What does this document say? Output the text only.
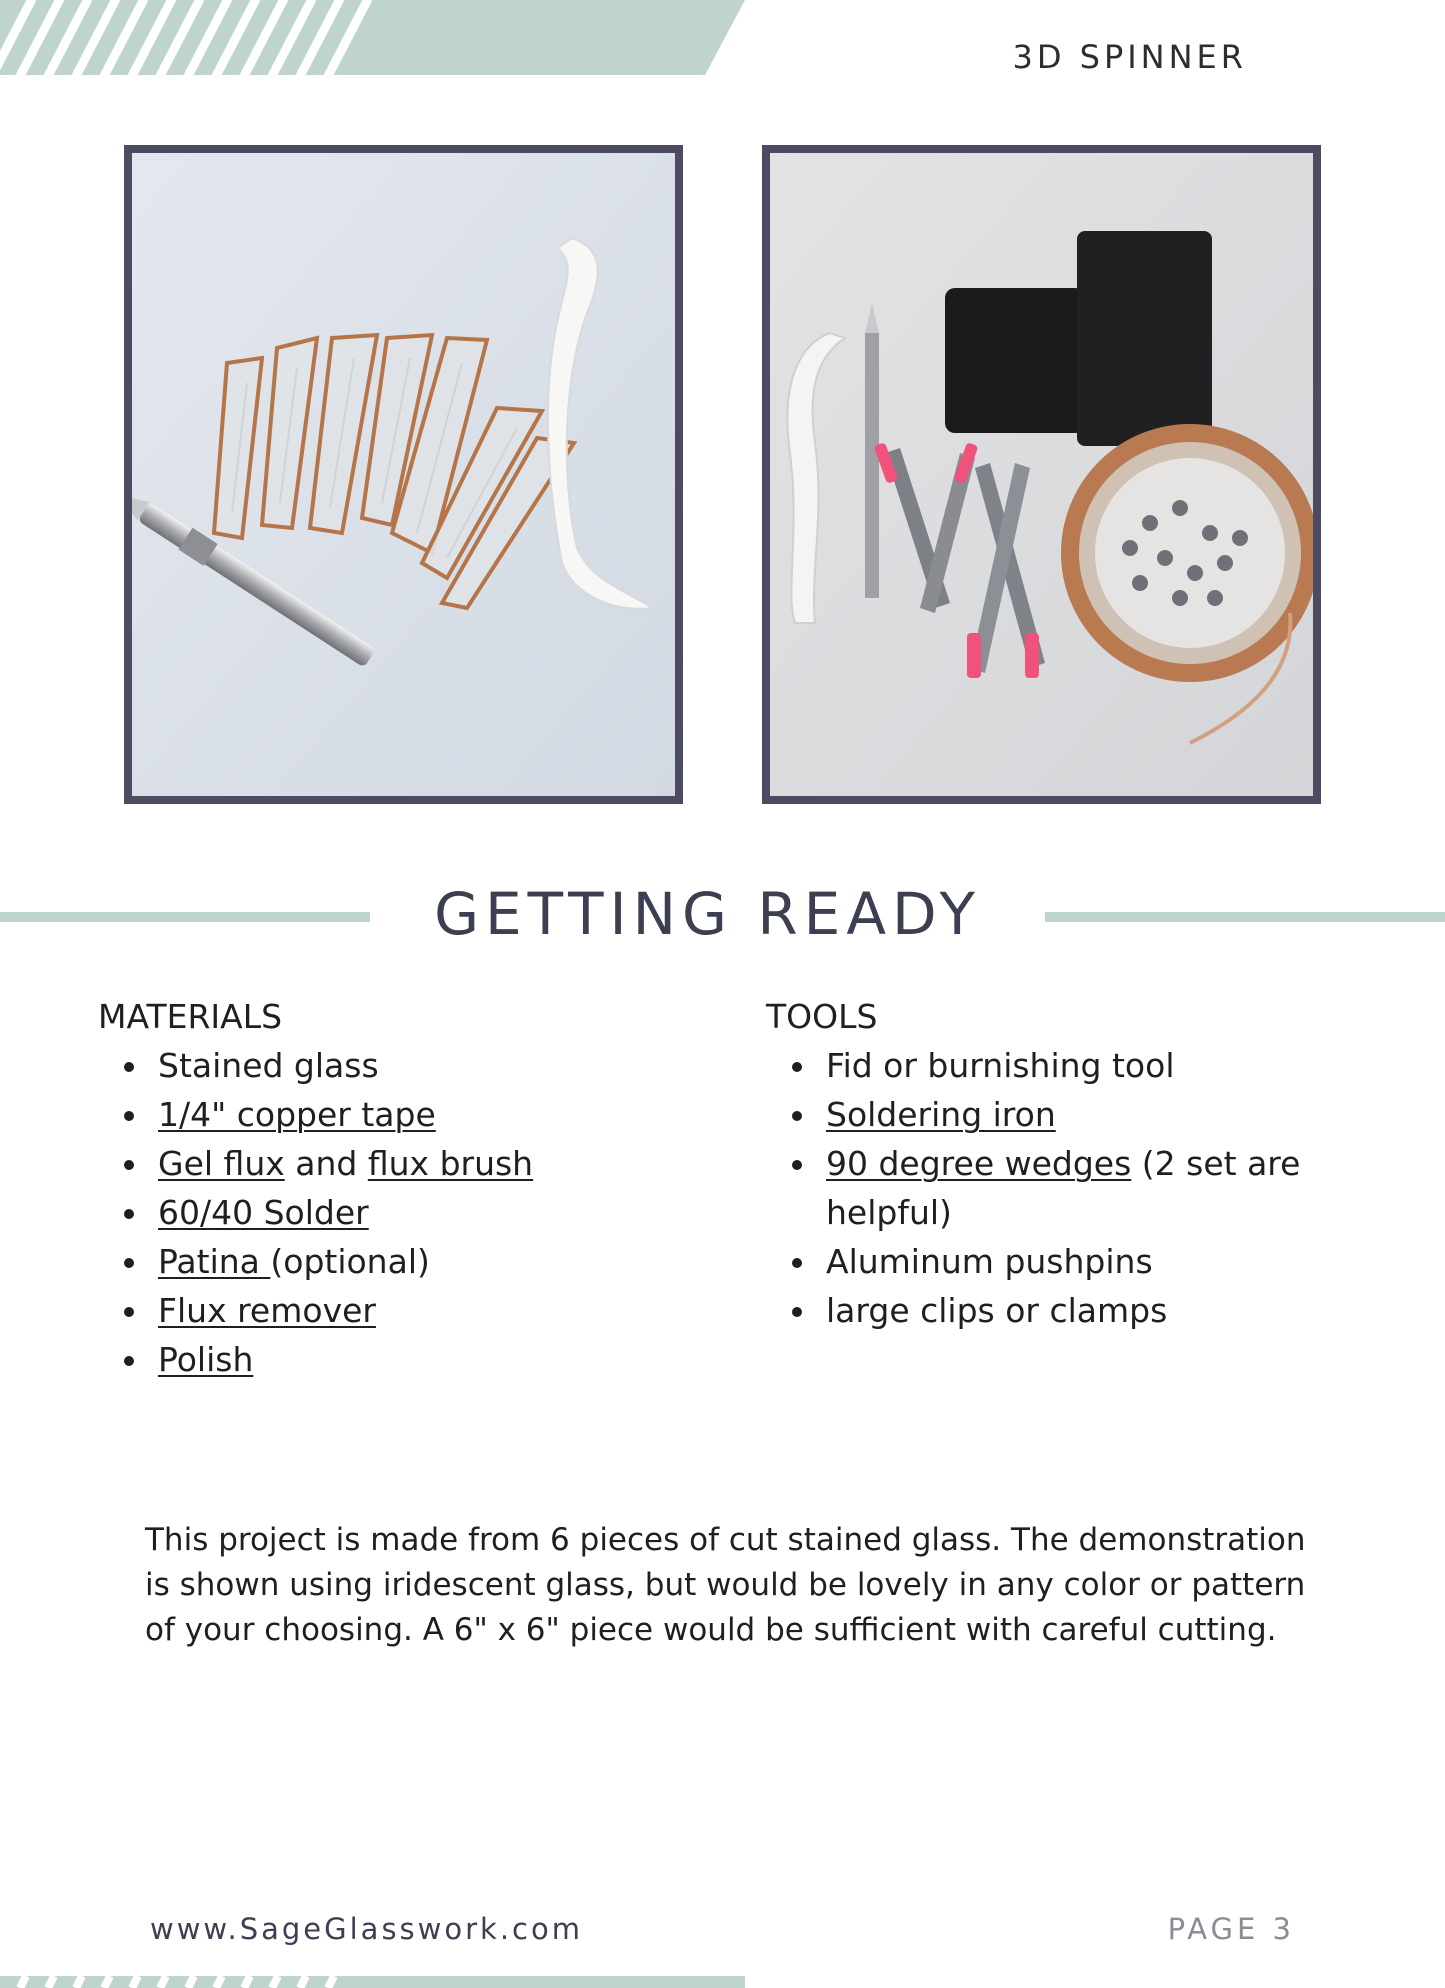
3D SPINNER
GETTING READY
MATERIALS
Stained glass
1/4" copper tape
Gel flux and flux brush
60/40 Solder
Patina (optional)
Flux remover
Polish
TOOLS
Fid or burnishing tool
Soldering iron
90 degree wedges (2 set are helpful)
Aluminum pushpins
large clips or clamps

This project is made from 6 pieces of cut stained glass. The demonstration is shown using iridescent glass, but would be lovely in any color or pattern of your choosing. A 6" x 6" piece would be sufficient with careful cutting.

www.SageGlasswork.com	PAGE 3
